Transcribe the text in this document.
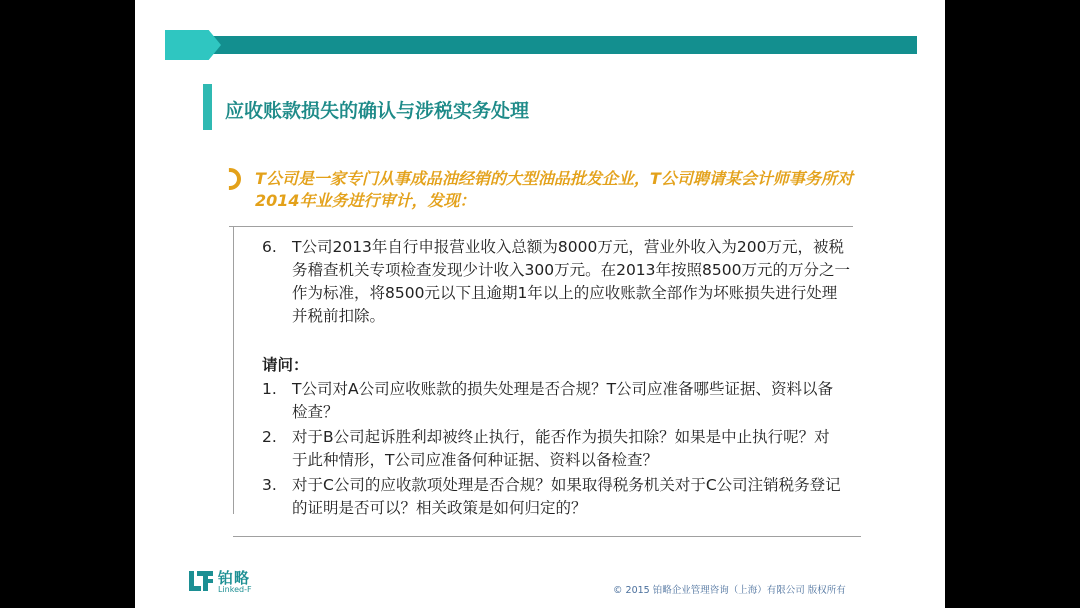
应收账款损失的确认与涉税实务处理

T公司是一家专门从事成品油经销的大型油品批发企业，T公司聘请某会计师事务所对2014年业务进行审计，发现：

6. T公司2013年自行申报营业收入总额为8000万元，营业外收入为200万元，被税务稽查机关专项检查发现少计收入300万元。在2013年按照8500万元的万分之一作为标准，将8500元以下且逾期1年以上的应收账款全部作为坏账损失进行处理并税前扣除。

请问：

1. T公司对A公司应收账款的损失处理是否合规？T公司应准备哪些证据、资料以备检查？
2. 对于B公司起诉胜利却被终止执行，能否作为损失扣除？如果是中止执行呢？对于此种情形，T公司应准备何种证据、资料以备检查？
3. 对于C公司的应收款项处理是否合规？如果取得税务机关对于C公司注销税务登记的证明是否可以？相关政策是如何归定的？
铂略
Linked-F	© 2015 铂略企业管理咨询（上海）有限公司 版权所有
